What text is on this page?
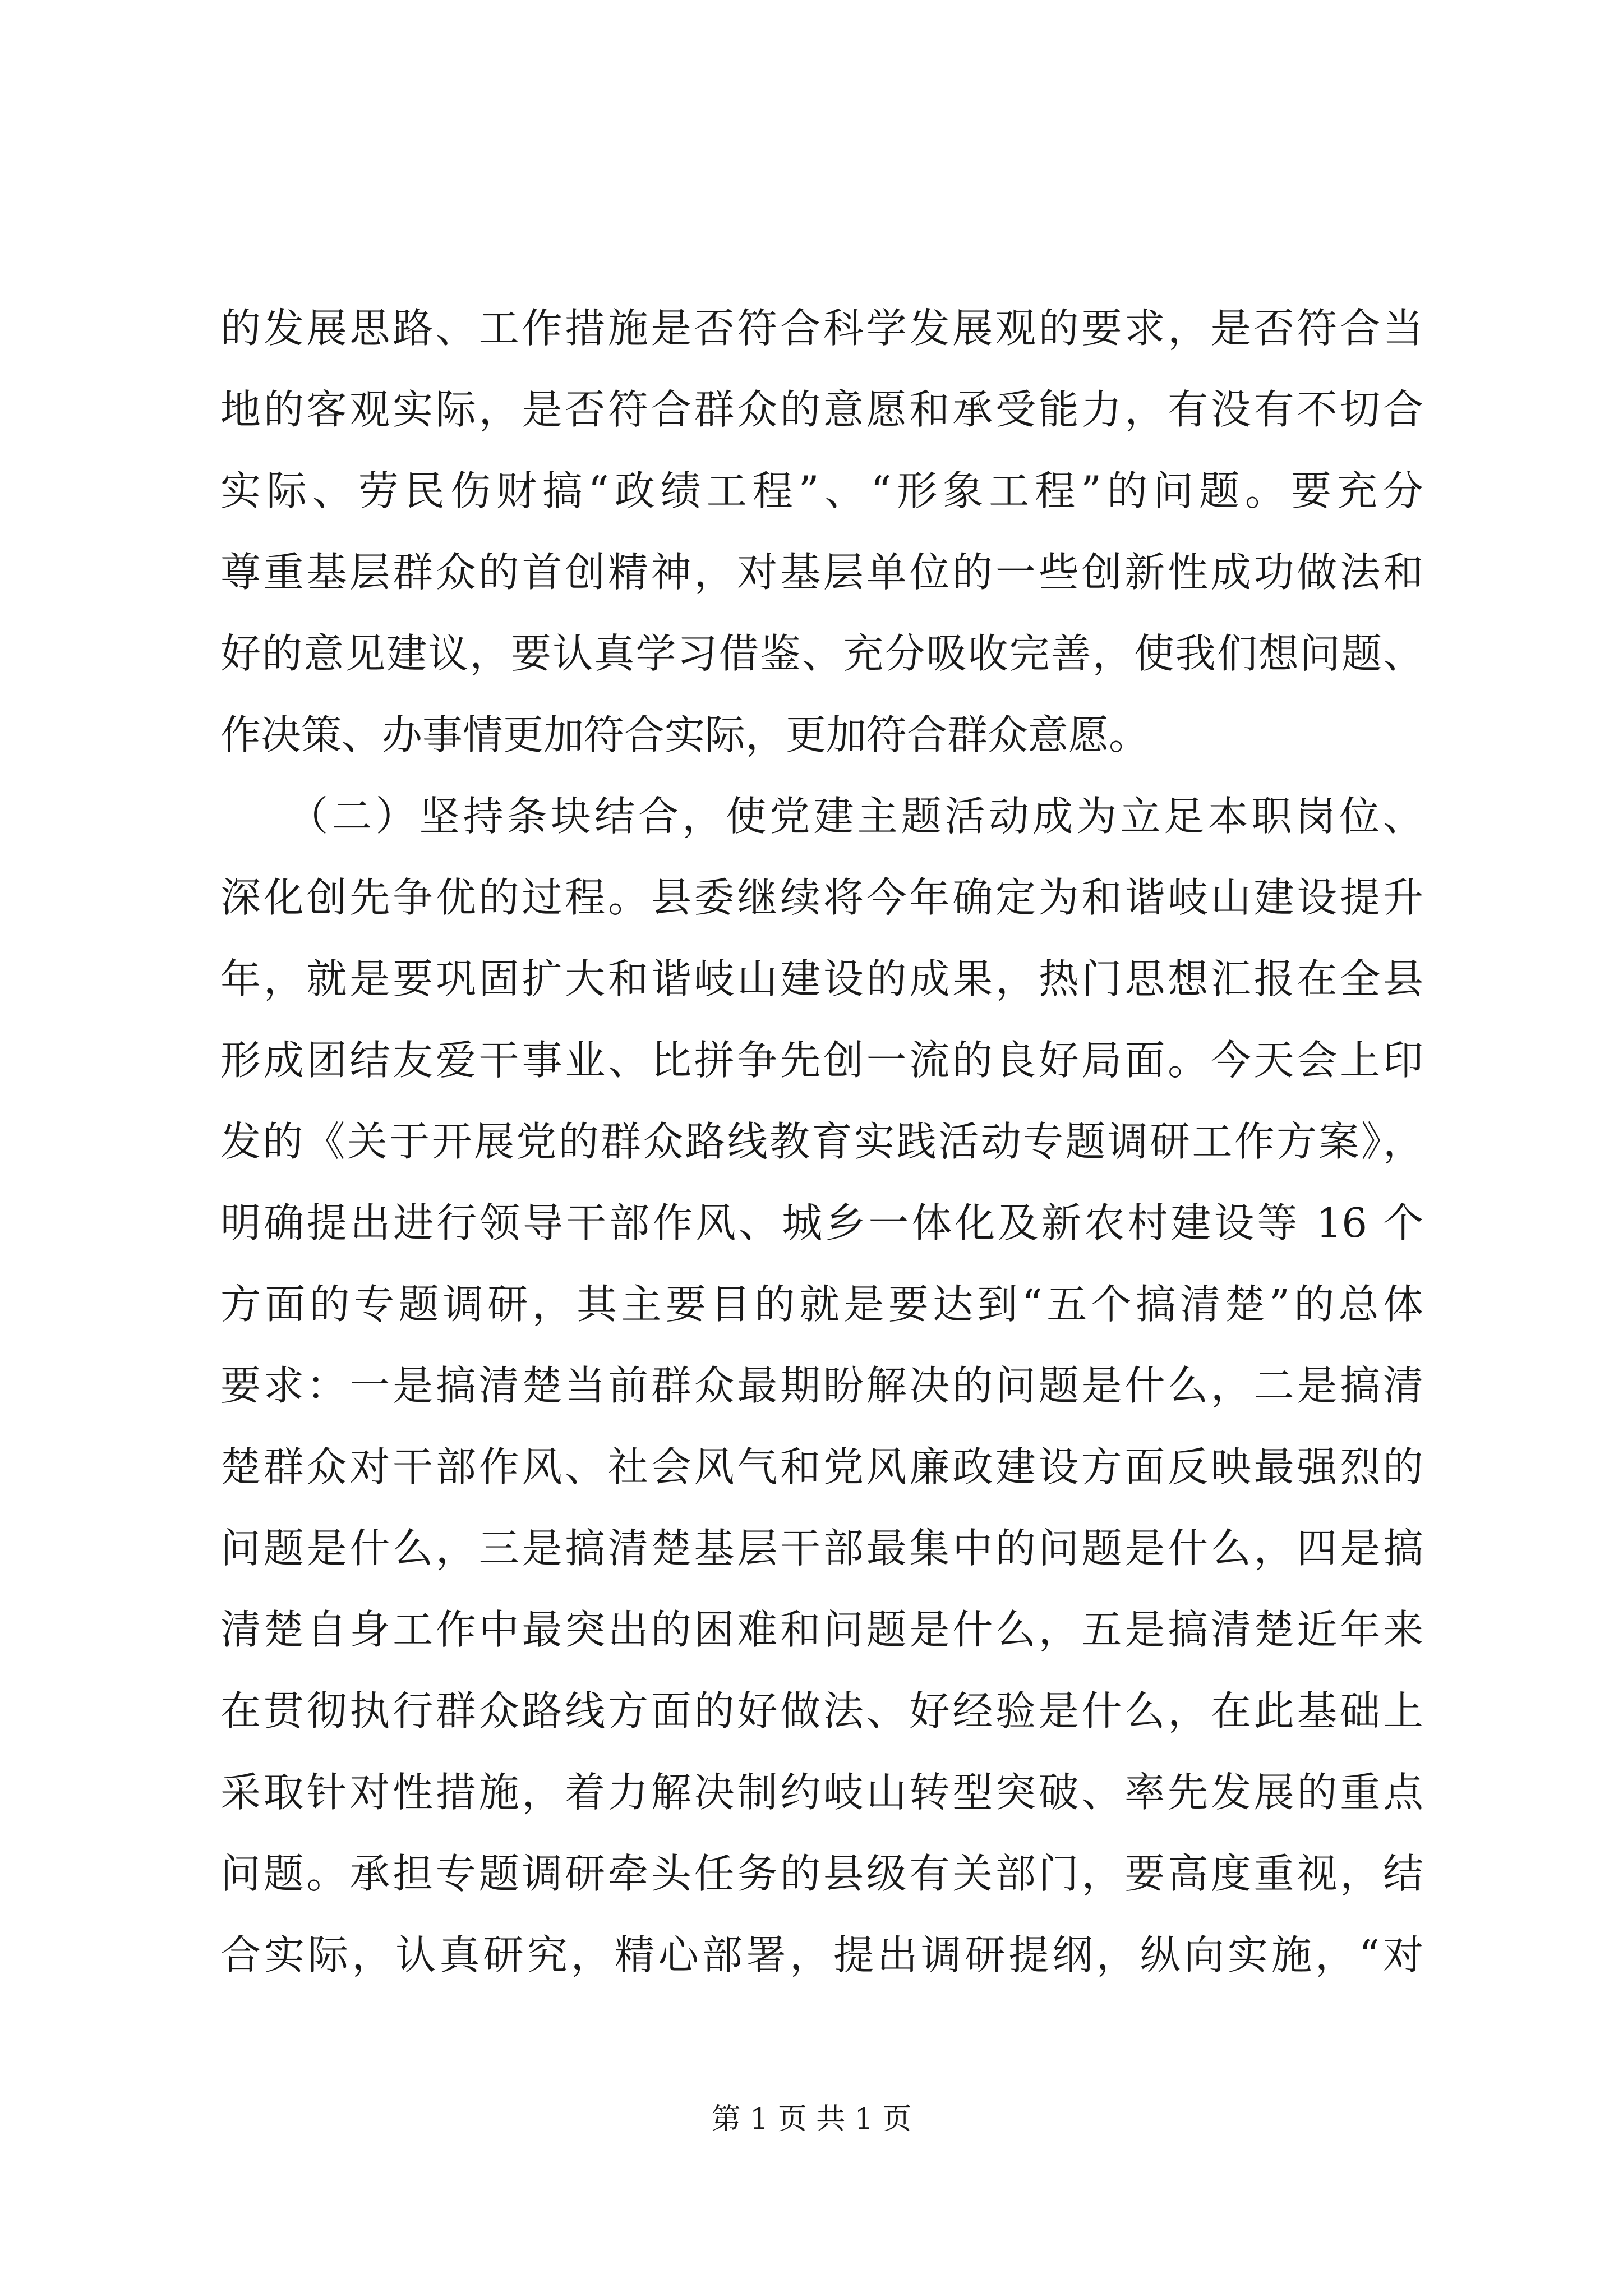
的发展思路、工作措施是否符合科学发展观的要求，是否符合当
地的客观实际，是否符合群众的意愿和承受能力，有没有不切合
实际、劳民伤财搞“政绩工程”、“形象工程”的问题。要充分
尊重基层群众的首创精神，对基层单位的一些创新性成功做法和
好的意见建议，要认真学习借鉴、充分吸收完善，使我们想问题、
作决策、办事情更加符合实际，更加符合群众意愿。
　　（二）坚持条块结合，使党建主题活动成为立足本职岗位、
深化创先争优的过程。县委继续将今年确定为和谐岐山建设提升
年，就是要巩固扩大和谐岐山建设的成果，热门思想汇报在全县
形成团结友爱干事业、比拼争先创一流的良好局面。今天会上印
发的《关于开展党的群众路线教育实践活动专题调研工作方案》，
明确提出进行领导干部作风、城乡一体化及新农村建设等 16 个
方面的专题调研，其主要目的就是要达到“五个搞清楚”的总体
要求：一是搞清楚当前群众最期盼解决的问题是什么，二是搞清
楚群众对干部作风、社会风气和党风廉政建设方面反映最强烈的
问题是什么，三是搞清楚基层干部最集中的问题是什么，四是搞
清楚自身工作中最突出的困难和问题是什么，五是搞清楚近年来
在贯彻执行群众路线方面的好做法、好经验是什么，在此基础上
采取针对性措施，着力解决制约岐山转型突破、率先发展的重点
问题。承担专题调研牵头任务的县级有关部门，要高度重视，结
合实际，认真研究，精心部署，提出调研提纲，纵向实施，“对
第 1 页 共 1 页
